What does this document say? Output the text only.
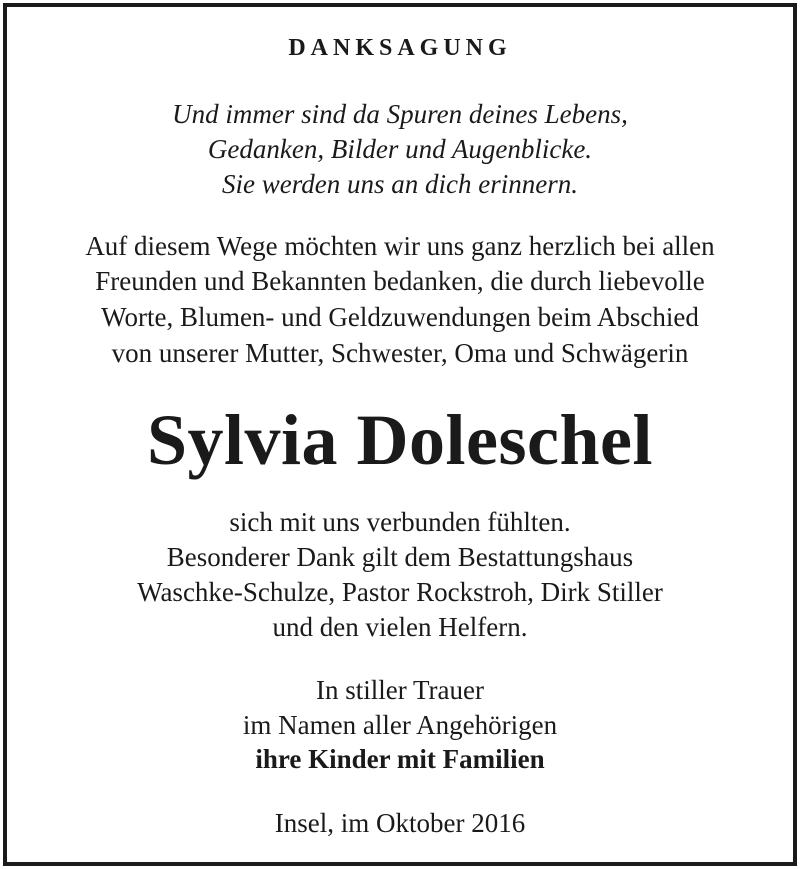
DANKSAGUNG
Und immer sind da Spuren deines Lebens,
Gedanken, Bilder und Augenblicke.
Sie werden uns an dich erinnern.
Auf diesem Wege möchten wir uns ganz herzlich bei allen
Freunden und Bekannten bedanken, die durch liebevolle
Worte, Blumen- und Geldzuwendungen beim Abschied
von unserer Mutter, Schwester, Oma und Schwägerin
Sylvia Doleschel
sich mit uns verbunden fühlten.
Besonderer Dank gilt dem Bestattungshaus
Waschke-Schulze, Pastor Rockstroh, Dirk Stiller
und den vielen Helfern.
In stiller Trauer
im Namen aller Angehörigen
ihre Kinder mit Familien
Insel, im Oktober 2016
